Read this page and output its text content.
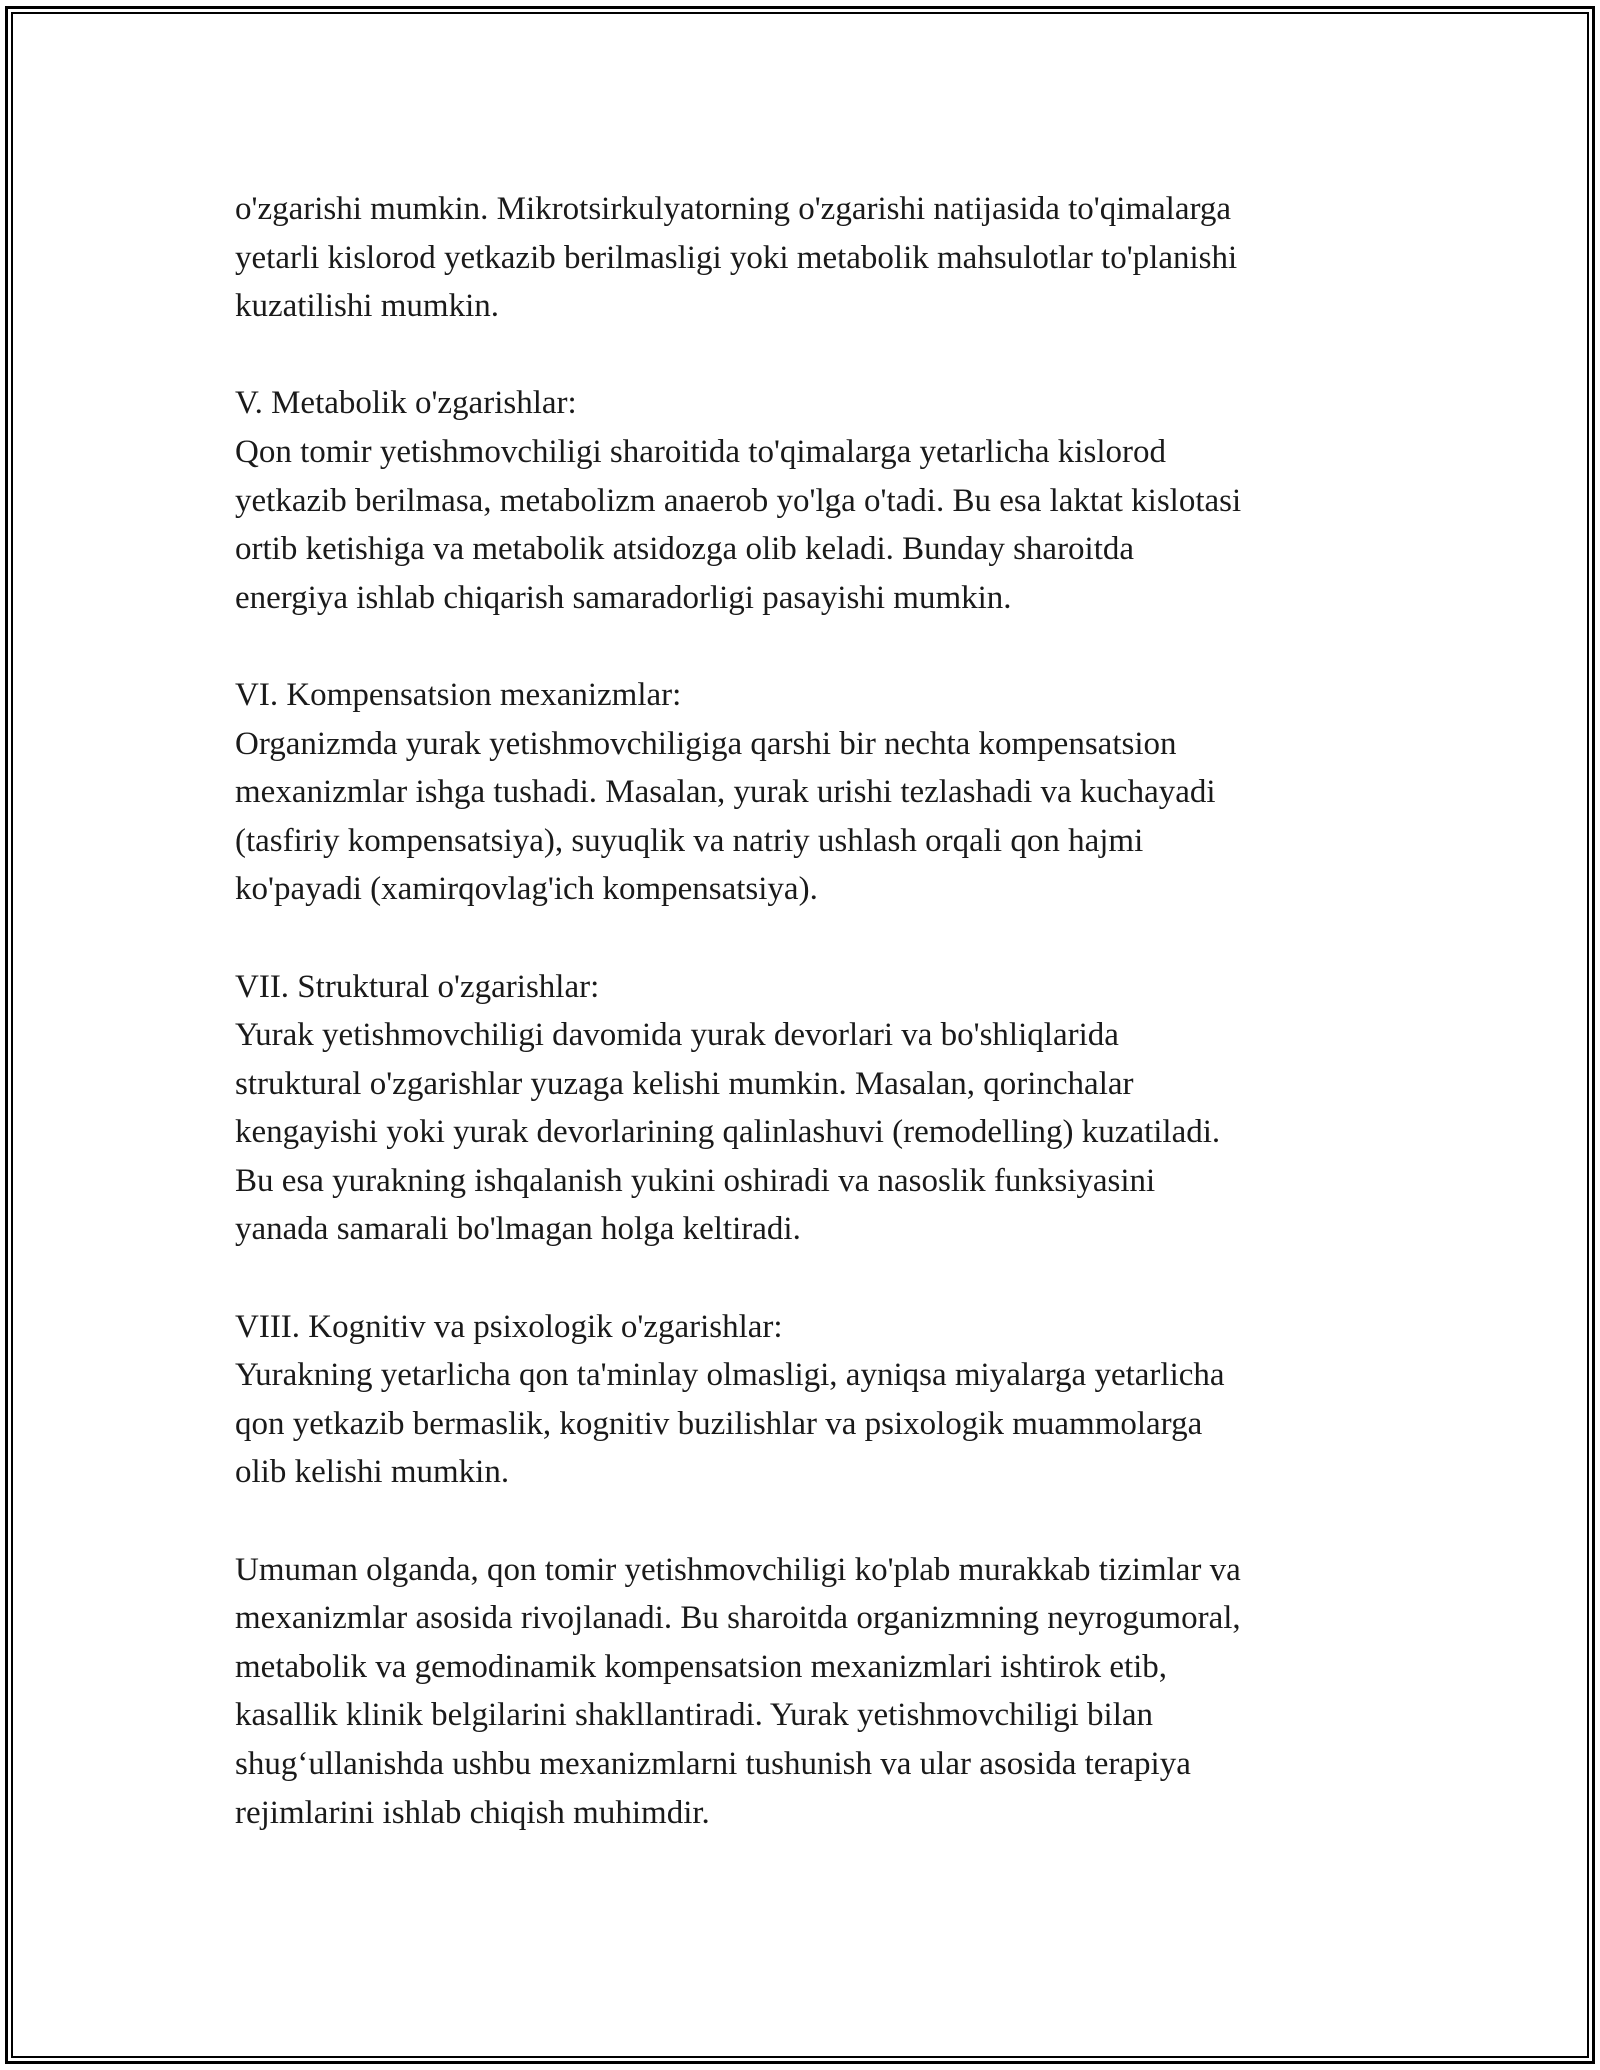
o'zgarishi mumkin. Mikrotsirkulyatorning o'zgarishi natijasida to'qimalarga
yetarli kislorod yetkazib berilmasligi yoki metabolik mahsulotlar to'planishi
kuzatilishi mumkin.
V. Metabolik o'zgarishlar:
Qon tomir yetishmovchiligi sharoitida to'qimalarga yetarlicha kislorod
yetkazib berilmasa, metabolizm anaerob yo'lga o'tadi. Bu esa laktat kislotasi
ortib ketishiga va metabolik atsidozga olib keladi. Bunday sharoitda
energiya ishlab chiqarish samaradorligi pasayishi mumkin.
VI. Kompensatsion mexanizmlar:
Organizmda yurak yetishmovchiligiga qarshi bir nechta kompensatsion
mexanizmlar ishga tushadi. Masalan, yurak urishi tezlashadi va kuchayadi
(tasfiriy kompensatsiya), suyuqlik va natriy ushlash orqali qon hajmi
ko'payadi (xamirqovlag'ich kompensatsiya).
VII. Struktural o'zgarishlar:
Yurak yetishmovchiligi davomida yurak devorlari va bo'shliqlarida
struktural o'zgarishlar yuzaga kelishi mumkin. Masalan, qorinchalar
kengayishi yoki yurak devorlarining qalinlashuvi (remodelling) kuzatiladi.
Bu esa yurakning ishqalanish yukini oshiradi va nasoslik funksiyasini
yanada samarali bo'lmagan holga keltiradi.
VIII. Kognitiv va psixologik o'zgarishlar:
Yurakning yetarlicha qon ta'minlay olmasligi, ayniqsa miyalarga yetarlicha
qon yetkazib bermaslik, kognitiv buzilishlar va psixologik muammolarga
olib kelishi mumkin.
Umuman olganda, qon tomir yetishmovchiligi ko'plab murakkab tizimlar va
mexanizmlar asosida rivojlanadi. Bu sharoitda organizmning neyrogumoral,
metabolik va gemodinamik kompensatsion mexanizmlari ishtirok etib,
kasallik klinik belgilarini shakllantiradi. Yurak yetishmovchiligi bilan
shug‘ullanishda ushbu mexanizmlarni tushunish va ular asosida terapiya
rejimlarini ishlab chiqish muhimdir.
